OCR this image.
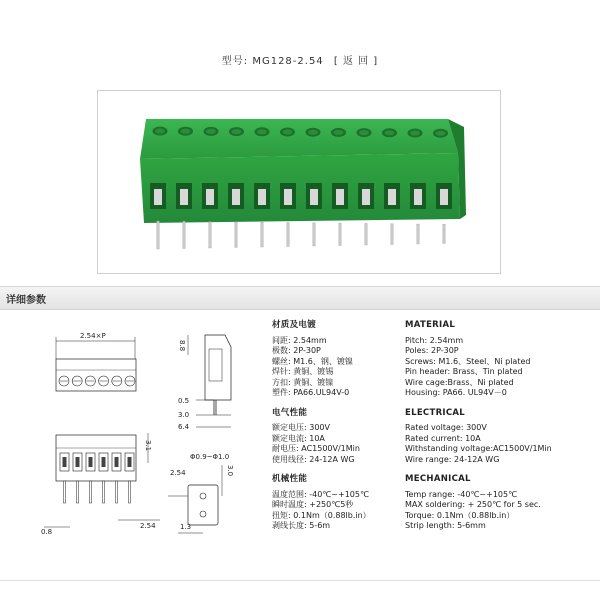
型号: MG128-2.54 [ 返 回 ]
详细参数
2.54×P
8.8
0.5
3.0
6.4
3.1
0.8
2.54
Φ0.9~Φ1.0
2.54	3.0
1.3
材质及电镀
间距: 2.54mm
极数: 2P-30P
螺丝: M1.6、钢、镀镍
焊针: 黄铜、镀锡
方扣: 黄铜、镀镍
塑件: PA66.UL94V-0
电气性能
额定电压: 300V
额定电流: 10A
耐电压: AC1500V/1Min
使用线径: 24-12A WG
机械性能
温度范围: -40℃~+105℃
瞬时温度: +250℃5秒
扭矩: 0.1Nm（0.88lb.in）
剥线长度: 5-6m
MATERIAL
Pitch: 2.54mm
Poles: 2P-30P
Screws: M1.6、Steel、Ni plated
Pin header: Brass、Tin plated
Wire cage:Brass、Ni plated
Housing: PA66. UL94V－0
ELECTRICAL
Rated voltage: 300V
Rated current: 10A
Withstanding voltage:AC1500V/1Min
Wire range: 24-12A WG
MECHANICAL
Temp range: -40℃~+105℃
MAX soldering: + 250℃ for 5 sec.
Torque: 0.1Nm（0.88lb.in）
Strip length: 5-6mm
